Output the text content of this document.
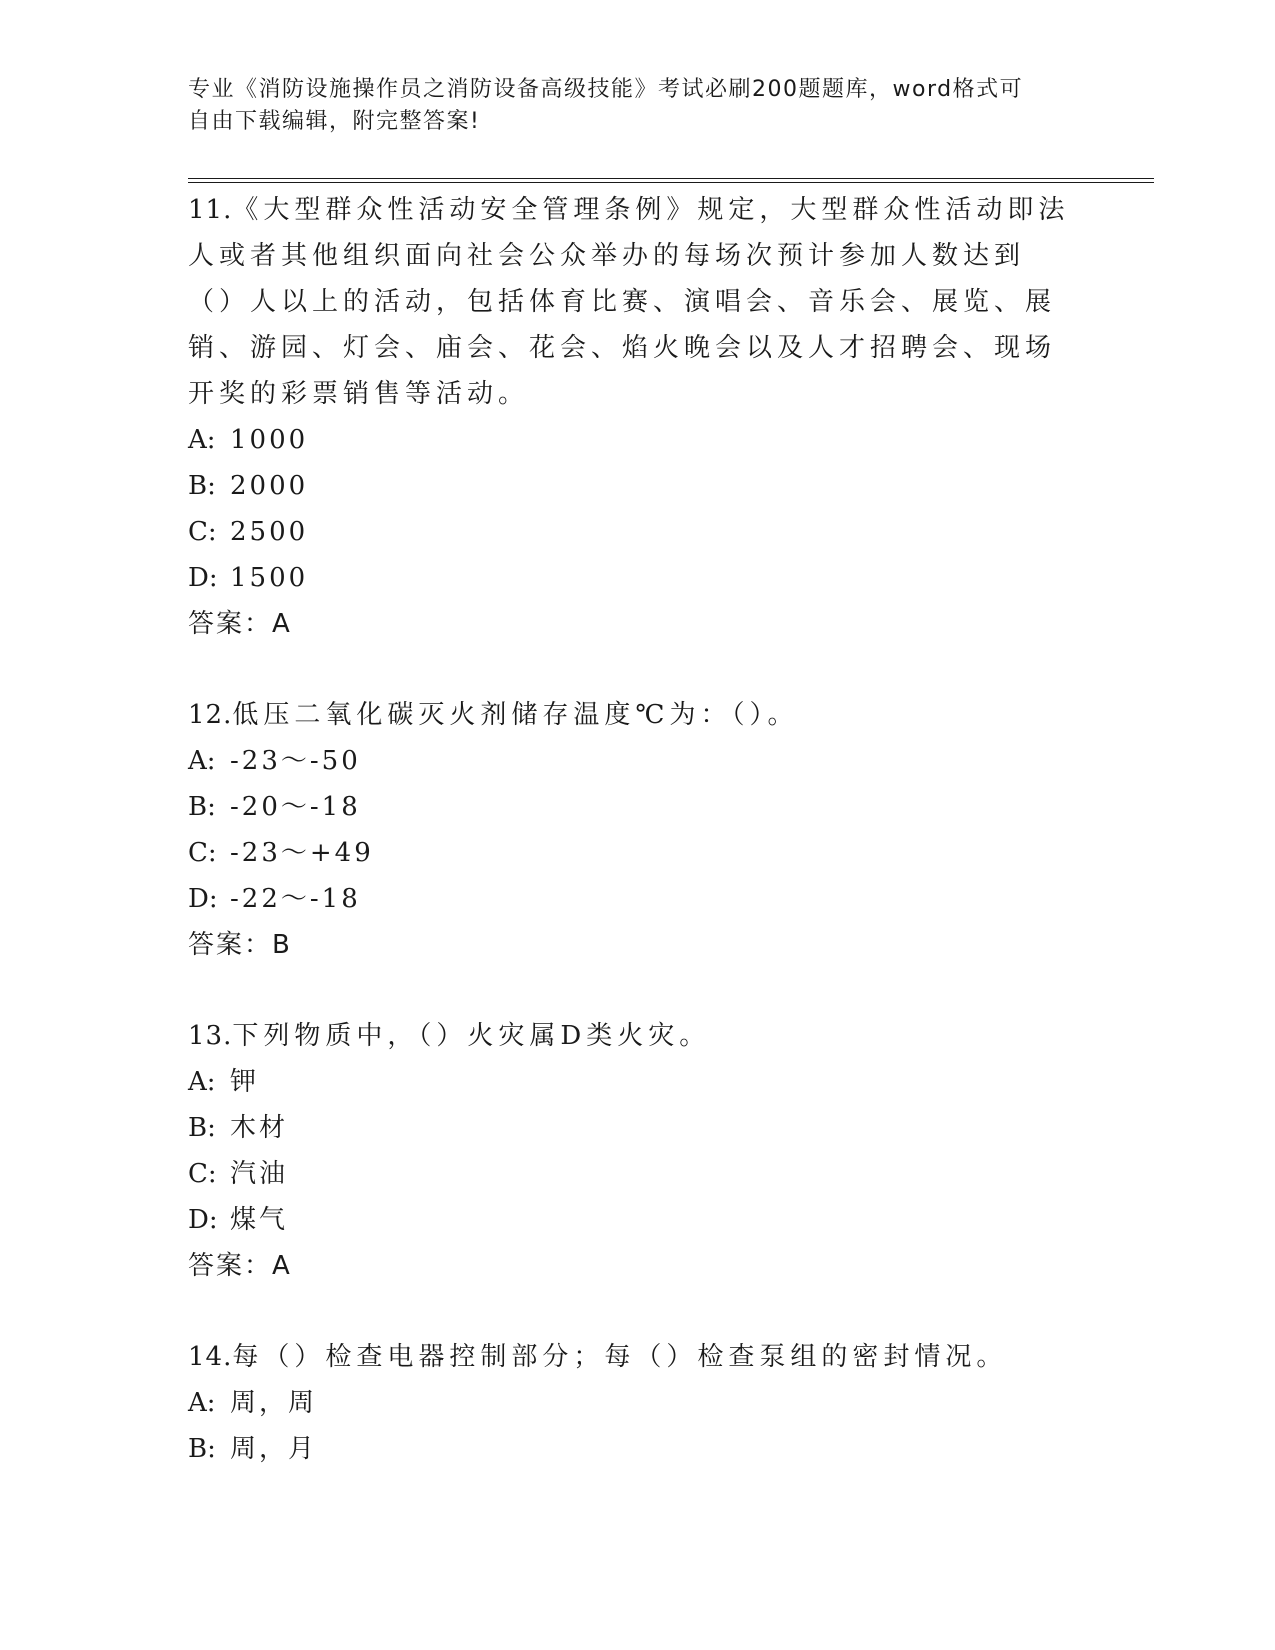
专业《消防设施操作员之消防设备高级技能》考试必刷200题题库，word格式可
自由下载编辑，附完整答案!
11.《大型群众性活动安全管理条例》规定，大型群众性活动即法人或者其他组织面向社会公众举办的每场次预计参加人数达到（）人以上的活动，包括体育比赛、演唱会、音乐会、展览、展销、游园、灯会、庙会、花会、焰火晚会以及人才招聘会、现场开奖的彩票销售等活动。
A: 1000
B: 2000
C: 2500
D: 1500
答案：A
12.低压二氧化碳灭火剂储存温度℃为：（）。
A: -23～-50
B: -20～-18
C: -23～+49
D: -22～-18
答案：B
13.下列物质中，（）火灾属D类火灾。
A: 钾
B: 木材
C: 汽油
D: 煤气
答案：A
14.每（）检查电器控制部分；每（）检查泵组的密封情况。
A: 周，周
B: 周，月
